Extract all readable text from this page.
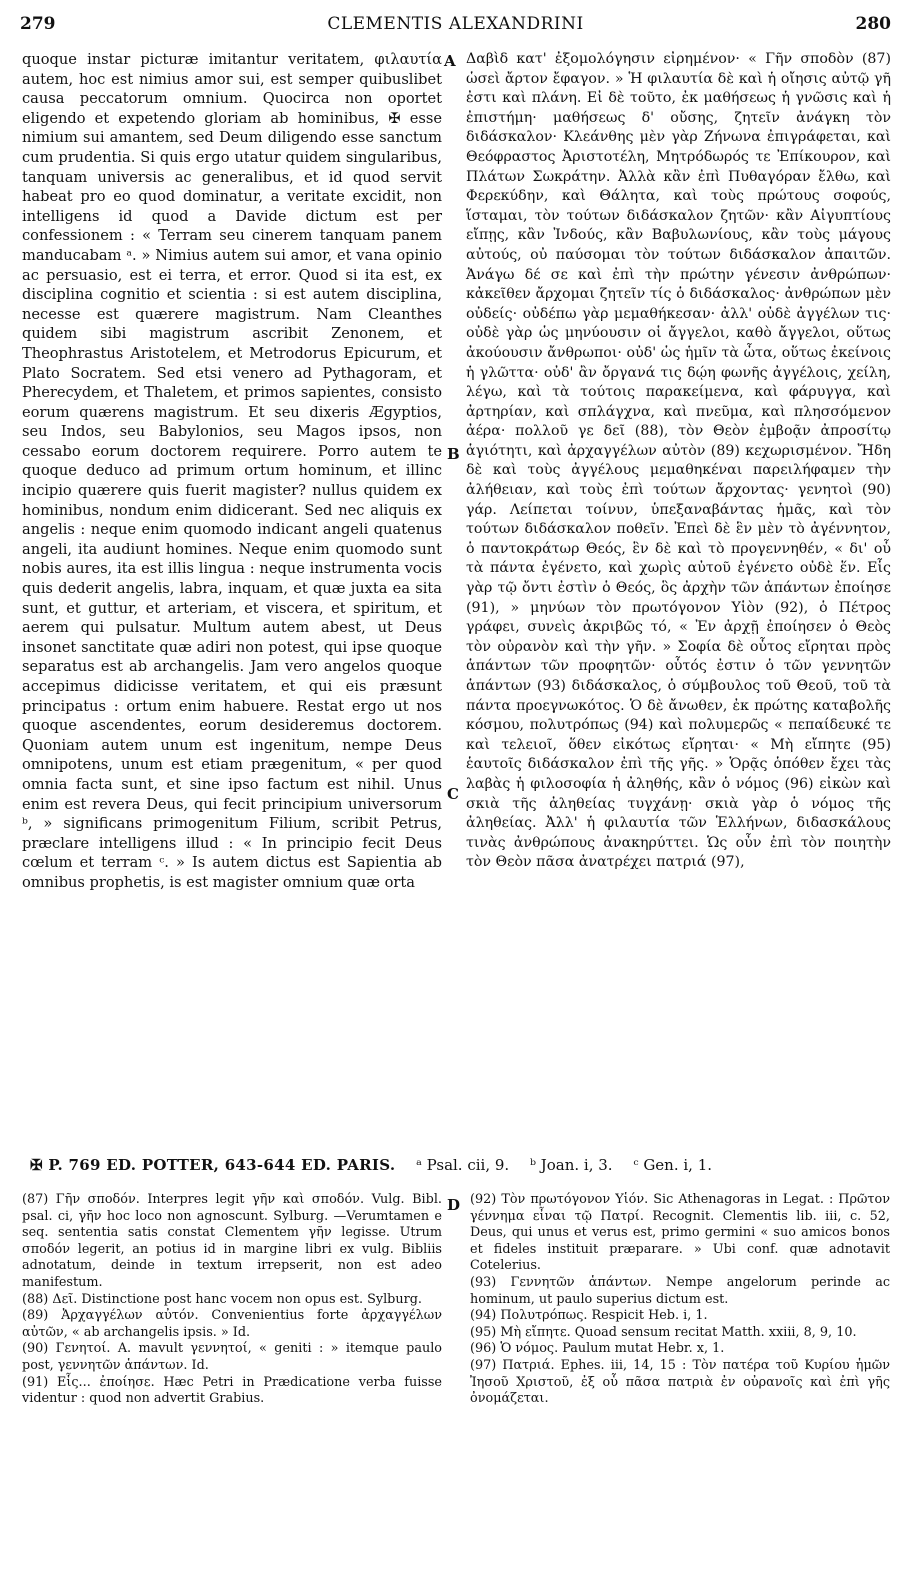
279	CLEMENTIS ALEXANDRINI	280

quoque instar picturæ imitantur veritatem, φιλαυτία autem, hoc est nimius amor sui, est semper quibuslibet causa peccatorum omnium. Quocirca non oportet eligendo et expetendo gloriam ab hominibus, ✠ esse nimium sui amantem, sed Deum diligendo esse sanctum cum prudentia. Si quis ergo utatur quidem singularibus, tanquam universis ac generalibus, et id quod servit habeat pro eo quod dominatur, a veritate excidit, non intelligens id quod a Davide dictum est per confessionem : « Terram seu cinerem tanquam panem manducabam ᵃ. » Nimius autem sui amor, et vana opinio ac persuasio, est ei terra, et error. Quod si ita est, ex disciplina cognitio et scientia : si est autem disciplina, necesse est quærere magistrum. Nam Cleanthes quidem sibi magistrum ascribit Zenonem, et Theophrastus Aristotelem, et Metrodorus Epicurum, et Plato Socratem. Sed etsi venero ad Pythagoram, et Pherecydem, et Thaletem, et primos sapientes, consisto eorum quærens magistrum. Et seu dixeris Ægyptios, seu Indos, seu Babylonios, seu Magos ipsos, non cessabo eorum doctorem requirere. Porro autem te quoque deduco ad primum ortum hominum, et illinc incipio quærere quis fuerit magister? nullus quidem ex hominibus, nondum enim didicerant. Sed nec aliquis ex angelis : neque enim quomodo indicant angeli quatenus angeli, ita audiunt homines. Neque enim quomodo sunt nobis aures, ita est illis lingua : neque instrumenta vocis quis dederit angelis, labra, inquam, et quæ juxta ea sita sunt, et guttur, et arteriam, et viscera, et spiritum, et aerem qui pulsatur. Multum autem abest, ut Deus insonet sanctitate quæ adiri non potest, qui ipse quoque separatus est ab archangelis. Jam vero angelos quoque accepimus didicisse veritatem, et qui eis præsunt principatus : ortum enim habuere. Restat ergo ut nos quoque ascendentes, eorum desideremus doctorem. Quoniam autem unum est ingenitum, nempe Deus omnipotens, unum est etiam prægenitum, « per quod omnia facta sunt, et sine ipso factum est nihil. Unus enim est revera Deus, qui fecit principium universorum ᵇ, » significans primogenitum Filium, scribit Petrus, præclare intelligens illud : « In principio fecit Deus cœlum et terram ᶜ. » Is autem dictus est Sapientia ab omnibus prophetis, is est magister omnium quæ orta

A
B
C
D

Δαβὶδ κατ' ἐξομολόγησιν εἰρημένον· « Γῆν σποδὸν (87) ὡσεὶ ἄρτον ἔφαγον. » Ἡ φιλαυτία δὲ καὶ ἡ οἴησις αὐτῷ γῆ ἐστι καὶ πλάνη. Εἰ δὲ τοῦτο, ἐκ μαθήσεως ἡ γνῶσις καὶ ἡ ἐπιστήμη· μαθήσεως δ' οὔσης, ζητεῖν ἀνάγκη τὸν διδάσκαλον· Κλεάνθης μὲν γὰρ Ζήνωνα ἐπιγράφεται, καὶ Θεόφραστος Ἀριστοτέλη, Μητρόδωρός τε Ἐπίκουρον, καὶ Πλάτων Σωκράτην. Ἀλλὰ κἂν ἐπὶ Πυθαγόραν ἔλθω, καὶ Φερεκύδην, καὶ Θάλητα, καὶ τοὺς πρώτους σοφούς, ἵσταμαι, τὸν τούτων διδάσκαλον ζητῶν· κἂν Αἰγυπτίους εἴπῃς, κἂν Ἰνδούς, κἂν Βαβυλωνίους, κἂν τοὺς μάγους αὐτούς, οὐ παύσομαι τὸν τούτων διδάσκαλον ἀπαιτῶν. Ἀνάγω δέ σε καὶ ἐπὶ τὴν πρώτην γένεσιν ἀνθρώπων· κἀκεῖθεν ἄρχομαι ζητεῖν τίς ὁ διδάσκαλος· ἀνθρώπων μὲν οὐδείς· οὐδέπω γὰρ μεμαθήκεσαν· ἀλλ' οὐδὲ ἀγγέλων τις· οὐδὲ γὰρ ὡς μηνύουσιν οἱ ἄγγελοι, καθὸ ἄγγελοι, οὕτως ἀκούουσιν ἄνθρωποι· οὐδ' ὡς ἡμῖν τὰ ὦτα, οὕτως ἐκείνοις ἡ γλῶττα· οὐδ' ἂν ὄργανά τις δῴη φωνῆς ἀγγέλοις, χείλη, λέγω, καὶ τὰ τούτοις παρακείμενα, καὶ φάρυγγα, καὶ ἀρτηρίαν, καὶ σπλάγχνα, καὶ πνεῦμα, καὶ πλησσόμενον ἀέρα· πολλοῦ γε δεῖ (88), τὸν Θεὸν ἐμβοᾷν ἀπροσίτῳ ἁγιότητι, καὶ ἀρχαγγέλων αὐτὸν (89) κεχωρισμένον. Ἤδη δὲ καὶ τοὺς ἀγγέλους μεμαθηκέναι παρειλήφαμεν τὴν ἀλήθειαν, καὶ τοὺς ἐπὶ τούτων ἄρχοντας· γενητοὶ (90) γάρ. Λείπεται τοίνυν, ὑπεξαναβάντας ἡμᾶς, καὶ τὸν τούτων διδάσκαλον ποθεῖν. Ἐπεὶ δὲ ἓν μὲν τὸ ἀγέννητον, ὁ παντοκράτωρ Θεός, ἓν δὲ καὶ τὸ προγεννηθέν, « δι' οὗ τὰ πάντα ἐγένετο, καὶ χωρὶς αὐτοῦ ἐγένετο οὐδὲ ἕν. Εἷς γὰρ τῷ ὄντι ἐστὶν ὁ Θεός, ὃς ἀρχὴν τῶν ἁπάντων ἐποίησε (91), » μηνύων τὸν πρωτόγονον Υἱὸν (92), ὁ Πέτρος γράφει, συνεὶς ἀκριβῶς τό, « Ἐν ἀρχῇ ἐποίησεν ὁ Θεὸς τὸν οὐρανὸν καὶ τὴν γῆν. » Σοφία δὲ οὗτος εἴρηται πρὸς ἁπάντων τῶν προφητῶν· οὗτός ἐστιν ὁ τῶν γεννητῶν ἁπάντων (93) διδάσκαλος, ὁ σύμβουλος τοῦ Θεοῦ, τοῦ τὰ πάντα προεγνωκότος. Ὁ δὲ ἄνωθεν, ἐκ πρώτης καταβολῆς κόσμου, πολυτρόπως (94) καὶ πολυμερῶς « πεπαίδευκέ τε καὶ τελειοῖ, ὅθεν εἰκότως εἴρηται· « Μὴ εἴπητε (95) ἑαυτοῖς διδάσκαλον ἐπὶ τῆς γῆς. » Ὁρᾷς ὁπόθεν ἔχει τὰς λαβὰς ἡ φιλοσοφία ἡ ἀληθής, κἂν ὁ νόμος (96) εἰκὼν καὶ σκιὰ τῆς ἀληθείας τυγχάνῃ· σκιὰ γὰρ ὁ νόμος τῆς ἀληθείας. Ἀλλ' ἡ φιλαυτία τῶν Ἑλλήνων, διδασκάλους τινὰς ἀνθρώπους ἀνακηρύττει. Ὡς οὖν ἐπὶ τὸν ποιητὴν τὸν Θεὸν πᾶσα ἀνατρέχει πατριά (97),

✠ P. 769 ED. POTTER, 643-644 ED. PARIS. ᵃ Psal. cii, 9. ᵇ Joan. i, 3. ᶜ Gen. i, 1.

(87) Γῆν σποδόν. Interpres legit γῆν καὶ σποδόν. Vulg. Bibl. psal. ci, γῆν hoc loco non agnoscunt. Sylburg. —Verumtamen e seq. sententia satis constat Clementem γῆν legisse. Utrum σποδόν legerit, an potius id in margine libri ex vulg. Bibliis adnotatum, deinde in textum irrepserit, non est adeo manifestum.

(88) Δεῖ. Distinctione post hanc vocem non opus est. Sylburg.

(89) Ἀρχαγγέλων αὐτόν. Convenientius forte ἀρχαγγέλων αὐτῶν, « ab archangelis ipsis. » Id.

(90) Γενητοί. A. mavult γεννητοί, « geniti : » itemque paulo post, γεννητῶν ἁπάντων. Id.

(91) Εἷς... ἐποίησε. Hæc Petri in Prædicatione verba fuisse videntur : quod non advertit Grabius.

(92) Τὸν πρωτόγονον Υἱόν. Sic Athenagoras in Legat. : Πρῶτον γέννημα εἶναι τῷ Πατρί. Recognit. Clementis lib. iii, c. 52, Deus, qui unus et verus est, primo germini « suo amicos bonos et fideles instituit præparare. » Ubi conf. quæ adnotavit Cotelerius.

(93) Γεννητῶν ἁπάντων. Nempe angelorum perinde ac hominum, ut paulo superius dictum est.

(94) Πολυτρόπως. Respicit Heb. i, 1.

(95) Μὴ εἴπητε. Quoad sensum recitat Matth. xxiii, 8, 9, 10.

(96) Ὁ νόμος. Paulum mutat Hebr. x, 1.

(97) Πατριά. Ephes. iii, 14, 15 : Τὸν πατέρα τοῦ Κυρίου ἡμῶν Ἰησοῦ Χριστοῦ, ἐξ οὗ πᾶσα πατριὰ ἐν οὐρανοῖς καὶ ἐπὶ γῆς ὀνομάζεται.
